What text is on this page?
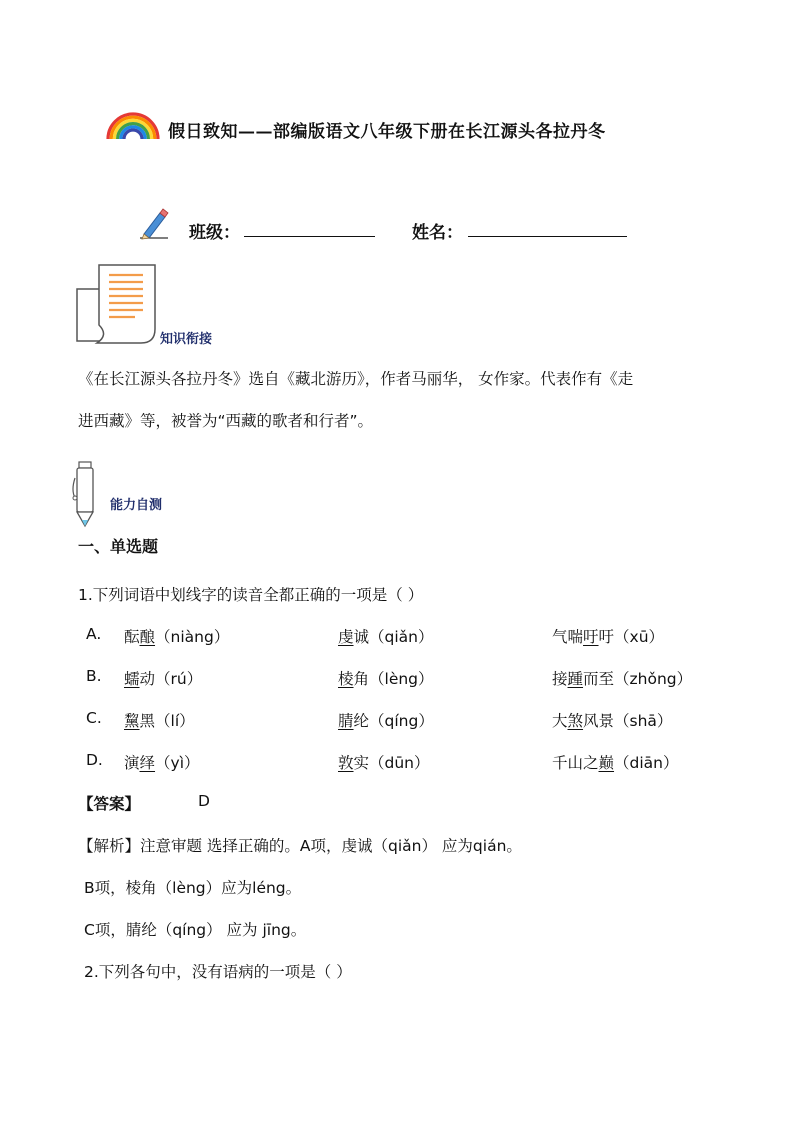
假日致知——部编版语文八年级下册在长江源头各拉丹冬
班级：	姓名：
知识衔接
《在长江源头各拉丹冬》选自《藏北游历》，作者马丽华， 女作家。代表作有《走
进西藏》等，被誉为“西藏的歌者和行者”。
能力自测
一、单选题
1.下列词语中划线字的读音全都正确的一项是（ ）
A. 酝酿（niàng）	虔诚（qiǎn）	气喘吁吁（xū）
B. 蠕动（rú）	棱角（lèng）	接踵而至（zhǒng）
C. 黧黑（lí）	腈纶（qíng）	大煞风景（shā）
D. 演绎（yì）	敦实（dūn）	千山之巅（diān）
【答案】	D
【解析】注意审题 选择正确的。A项，虔诚（qiǎn） 应为qián。
B项，棱角（lèng）应为léng。
C项，腈纶（qíng） 应为 jīng。
2.下列各句中，没有语病的一项是（ ）
